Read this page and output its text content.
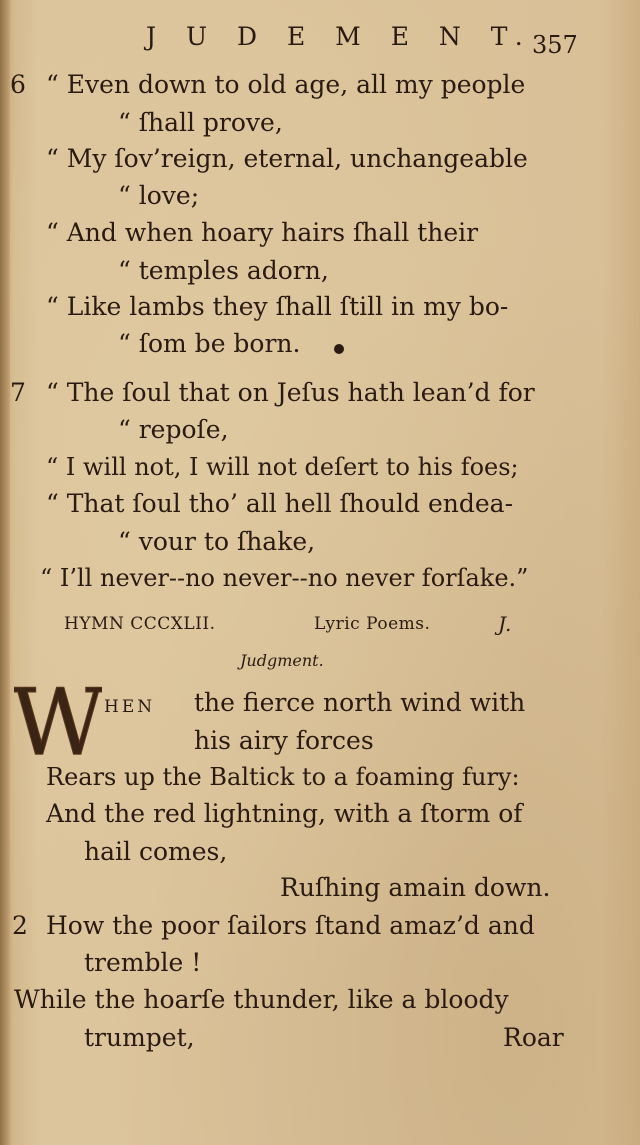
J U D E M E N T.
357
6 “ Even down to old age, all my people
“ ſhall prove,
“ My ſov’reign, eternal, unchangeable
“ love;
“ And when hoary hairs ſhall their
“ temples adorn,
“ Like lambs they ſhall ſtill in my bo-
“ ſom be born.
7 “ The ſoul that on Jeſus hath lean’d for
“ repoſe,
“ I will not, I will not deſert to his foes;
“ That ſoul tho’ all hell ſhould endea-
“ vour to ſhake,
“ I’ll never--no never--no never forſake.”
HYMN CCCXLII.	Lyric Poems.	J.
Judgment.
W
HEN the fierce north wind with
his airy forces
Rears up the Baltick to a foaming fury:
And the red lightning, with a ſtorm of
hail comes,
Ruſhing amain down.
2 How the poor ſailors ſtand amaz’d and
tremble !
While the hoarſe thunder, like a bloody
trumpet,	Roar
